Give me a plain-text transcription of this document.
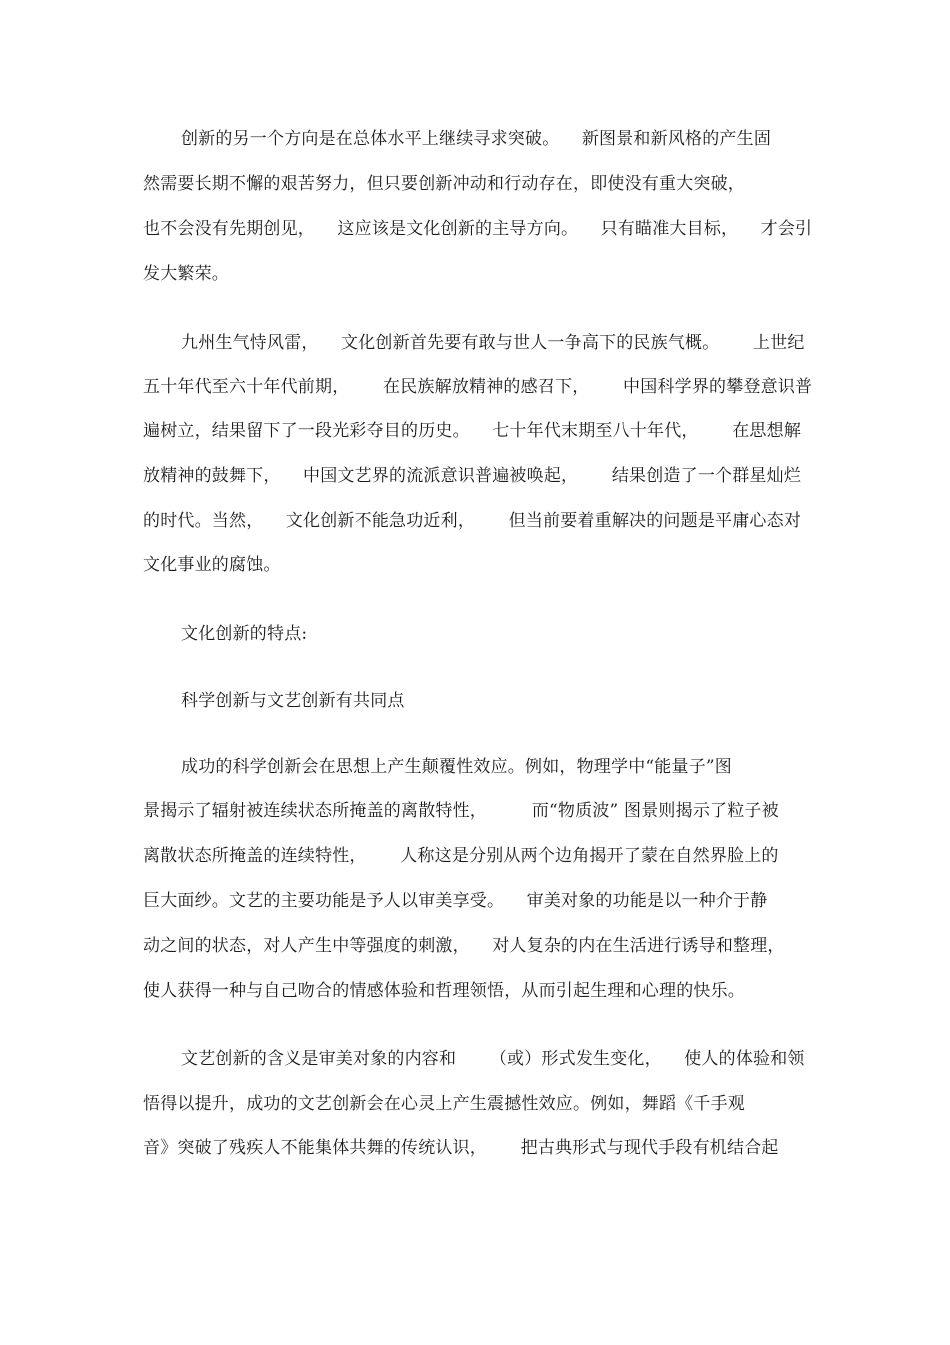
创新的另一个方向是在总体水平上继续寻求突破。    新图景和新风格的产生固
然需要长期不懈的艰苦努力，但只要创新冲动和行动存在，即使没有重大突破，
也不会没有先期创见，    这应该是文化创新的主导方向。    只有瞄准大目标，    才会引
发大繁荣。
九州生气恃风雷，    文化创新首先要有敢与世人一争高下的民族气概。      上世纪
五十年代至六十年代前期，      在民族解放精神的感召下，      中国科学界的攀登意识普
遍树立，结果留下了一段光彩夺目的历史。    七十年代末期至八十年代，      在思想解
放精神的鼓舞下，    中国文艺界的流派意识普遍被唤起，      结果创造了一个群星灿烂
的时代。当然，    文化创新不能急功近利，      但当前要着重解决的问题是平庸心态对
文化事业的腐蚀。
文化创新的特点:
科学创新与文艺创新有共同点
成功的科学创新会在思想上产生颠覆性效应。例如，物理学中“能量子”图
景揭示了辐射被连续状态所掩盖的离散特性，        而“物质波” 图景则揭示了粒子被
离散状态所掩盖的连续特性，      人称这是分别从两个边角揭开了蒙在自然界脸上的
巨大面纱。文艺的主要功能是予人以审美享受。    审美对象的功能是以一种介于静
动之间的状态，对人产生中等强度的刺激，    对人复杂的内在生活进行诱导和整理，
使人获得一种与自己吻合的情感体验和哲理领悟，从而引起生理和心理的快乐。
文艺创新的含义是审美对象的内容和      （或）形式发生变化，    使人的体验和领
悟得以提升，成功的文艺创新会在心灵上产生震撼性效应。例如，舞蹈《千手观
音》突破了残疾人不能集体共舞的传统认识，      把古典形式与现代手段有机结合起
